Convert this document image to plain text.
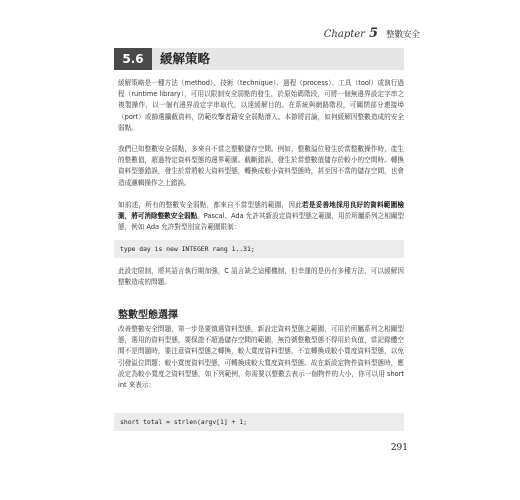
Chapter 5 整數安全
5.6	緩解策略

緩解策略是一種方法（method）、技術（technique）、過程（process）、工具（tool）或執行過程（runtime library），可用以限制安全弱點的發生，於原始碼階段，可將一個無邊界設定字串之複製操作，以一個有邊界設定字串取代，以達緩解目的。在系統與網路階段，可關閉部分連接埠（port）或篩選攔截資料，防範攻擊者藉安全弱點潛入。本節將討論，如何緩解因整數造成的安全弱點。

我們已知整數安全弱點，多來自不當之整數儲存空間。例如，整數溢位發生於當整數操作時，產生的整數值，超過特定資料型態的邊界範圍。截斷錯誤，發生於當整數值儲存於較小的空間時。轉換資料型態錯誤，發生於當將較大資料型態，轉換成較小資料型態時，甚至因不當的儲存空間，也會造成邏輯操作之上錯誤。

如前述，所有的整數安全弱點，都來自不當型態的範圍，因此若是妥善地採用良好的資料範圍檢測，將可消除整數安全弱點。Pascal、Ada 允許其新設定資料型態之範圍，用於所屬系列之相關型態，例如 Ada 允許對型別宣告範圍限制：

type day is new INTEGER rang 1..31;

此設定限制，將其語言執行期加強，C 語言缺乏這種機制，但幸運的是仍有多種方法，可以緩解因整數造成的問題。

整數型態選擇

改善整數安全問題，第一步是要慎選資料型態，新設定資料型態之範圍，可用於所屬系列之相關型態，選用的資料型態，要保證不超過儲存空間的範圍，無符號整數型態不得用於負值，當記錄體空間不是問題時，要注意資料型態之轉換，較大寬度資料型態，不宜轉換成較小寬度資料型態，以免引發溢位問題；較小寬度資料型態，可轉換成較大寬度資料型態。故在新設定物件資料型態時，應設定為較小寬度之資料型態，如下列範例，你需要以整數去表示一個物件的大小，你可以用 short int 來表示：

short total = strlen(argv[1] + 1;
291
